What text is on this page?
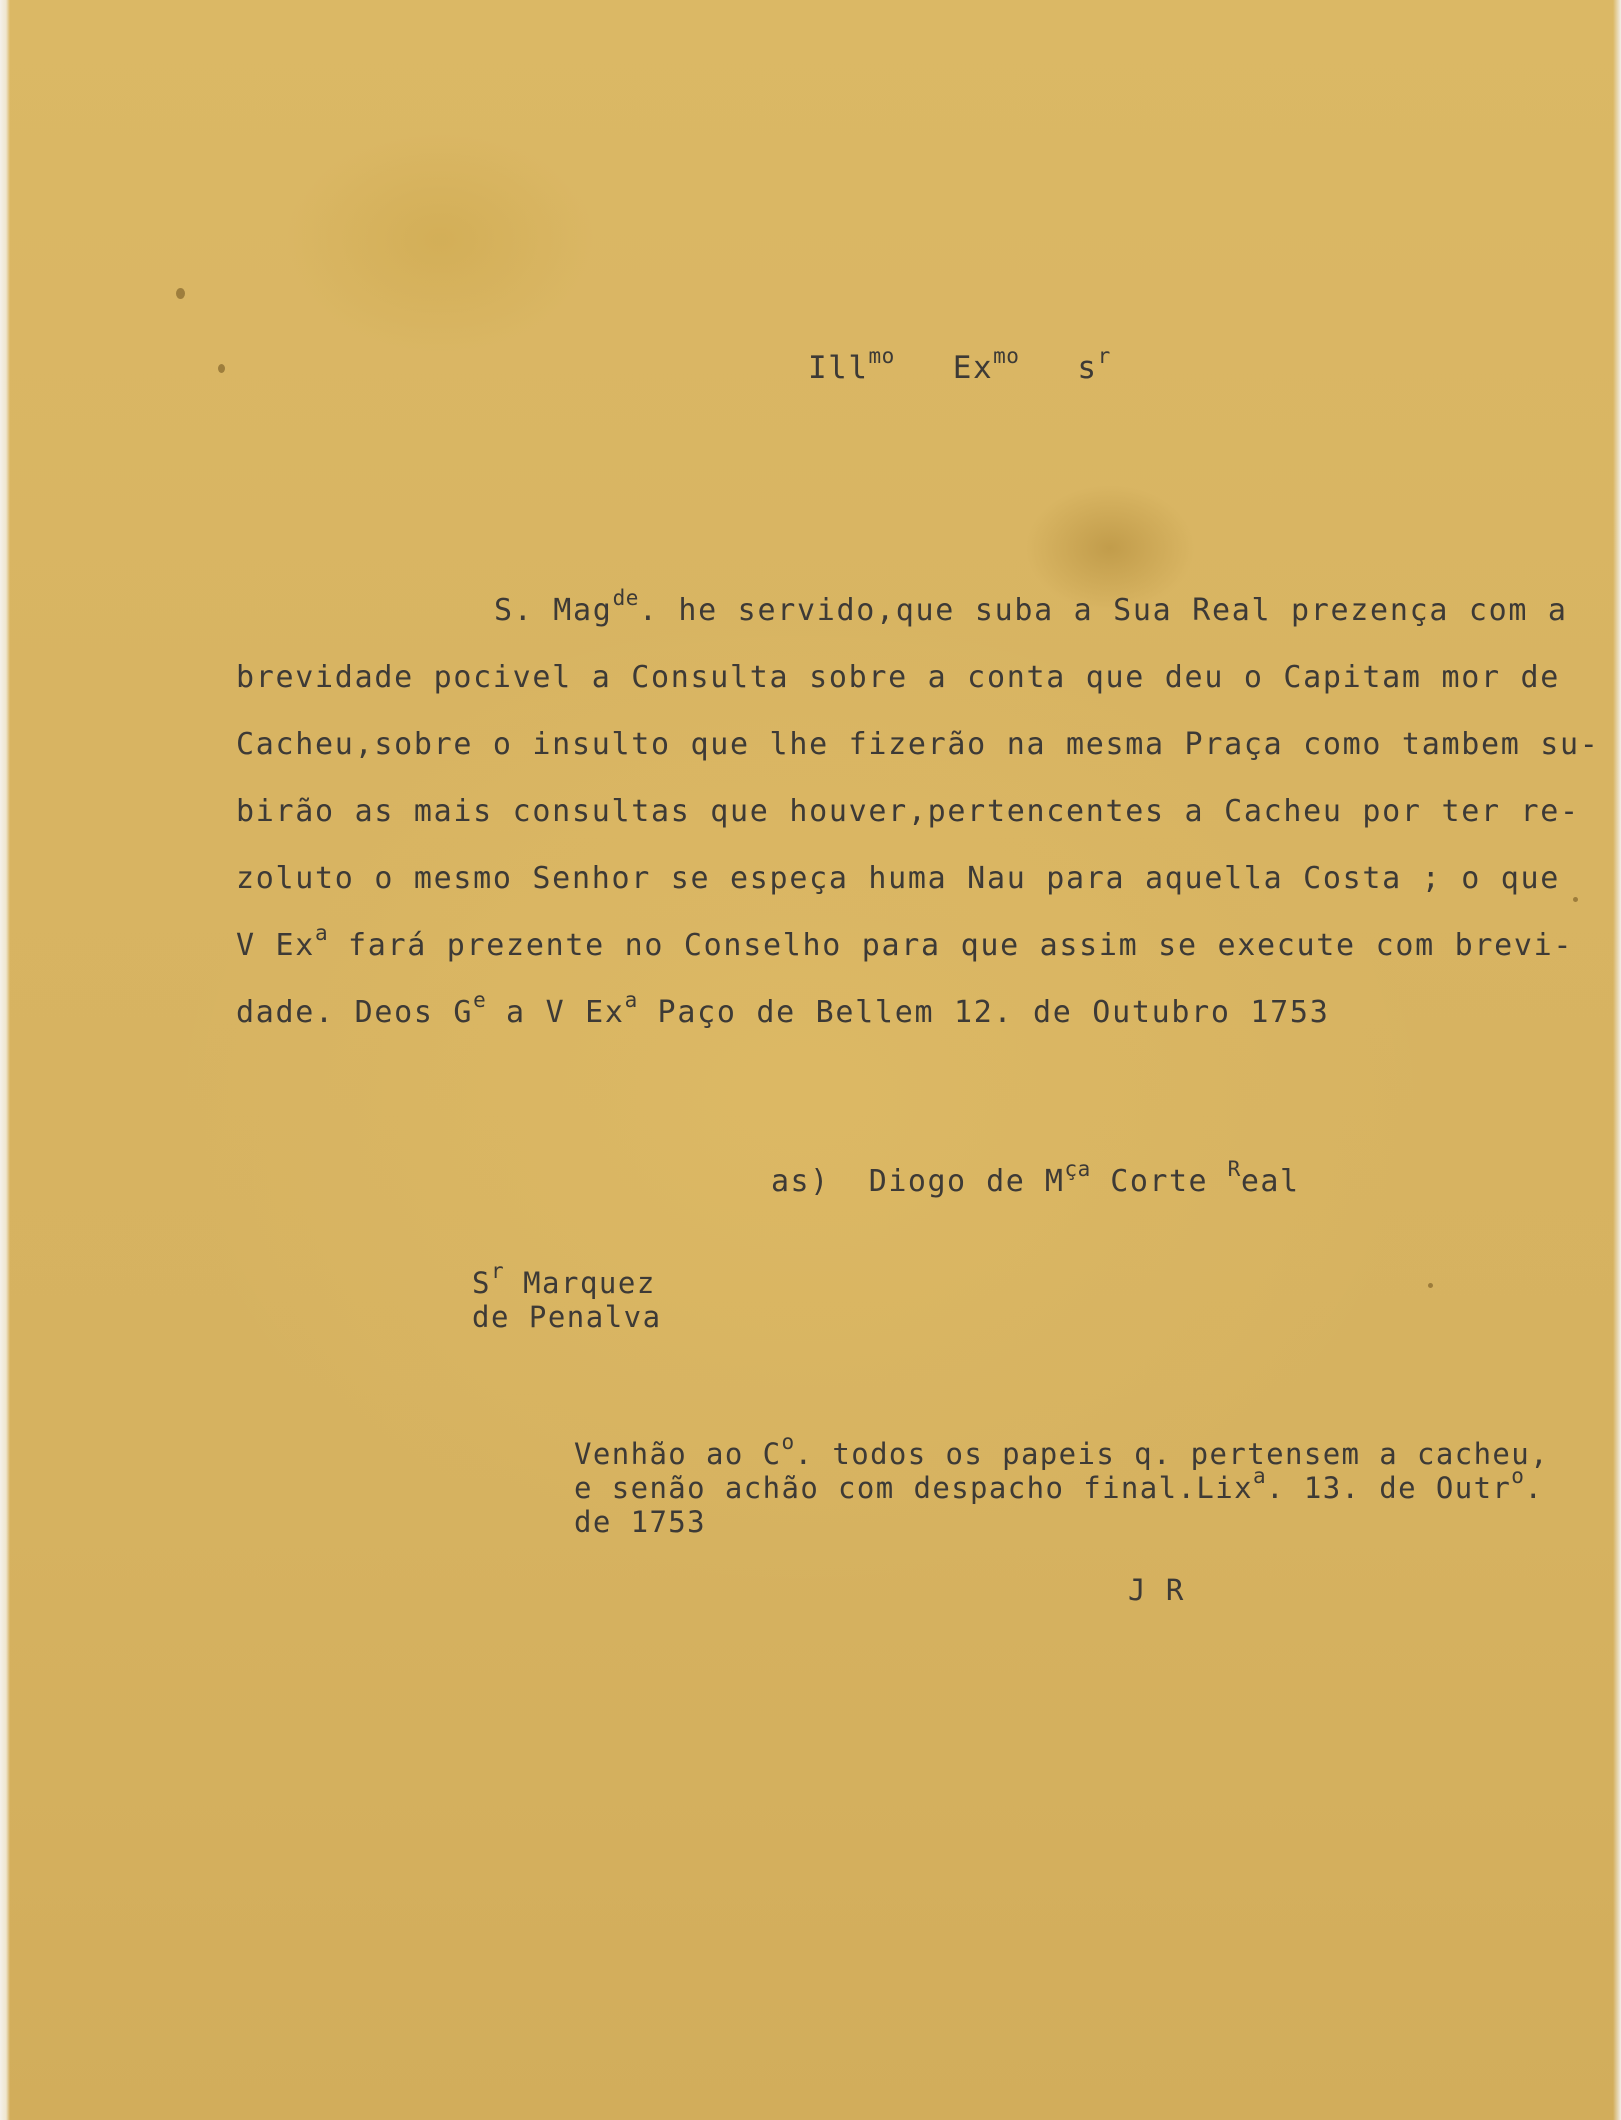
Ill$^{mo}$ $Ex^{mo}$ $s^r$
S. Mag$^{de}$. he servido,que suba a Sua Real prezença com a
brevidade pocivel a Consulta sobre a conta que deu o Capitam mor de
Cacheu,sobre o insulto que lhe fizerão na mesma Praça como tambem su-
birão as mais consultas que houver,pertencentes a Cacheu por ter re-
zoluto o mesmo Senhor se espeça huma Nau para aquella Costa ; o que
V Ex$^a$ fará prezente no Conselho para que assim se execute com brevi-
dade. Deos $G^e$ a V Ex$^a$ Paço de Bellem 12. de Outubro 1753
as)  Diogo de $M^{ça}$ Corte $^R$eal
$S^r$ Marquez
de Penalva
Venhão ao $C^o$. todos os papeis q. pertensem a cacheu,
e senão achão com despacho final.Lix$^a$. 13. de Outr$^o$.
de 1753
J R
